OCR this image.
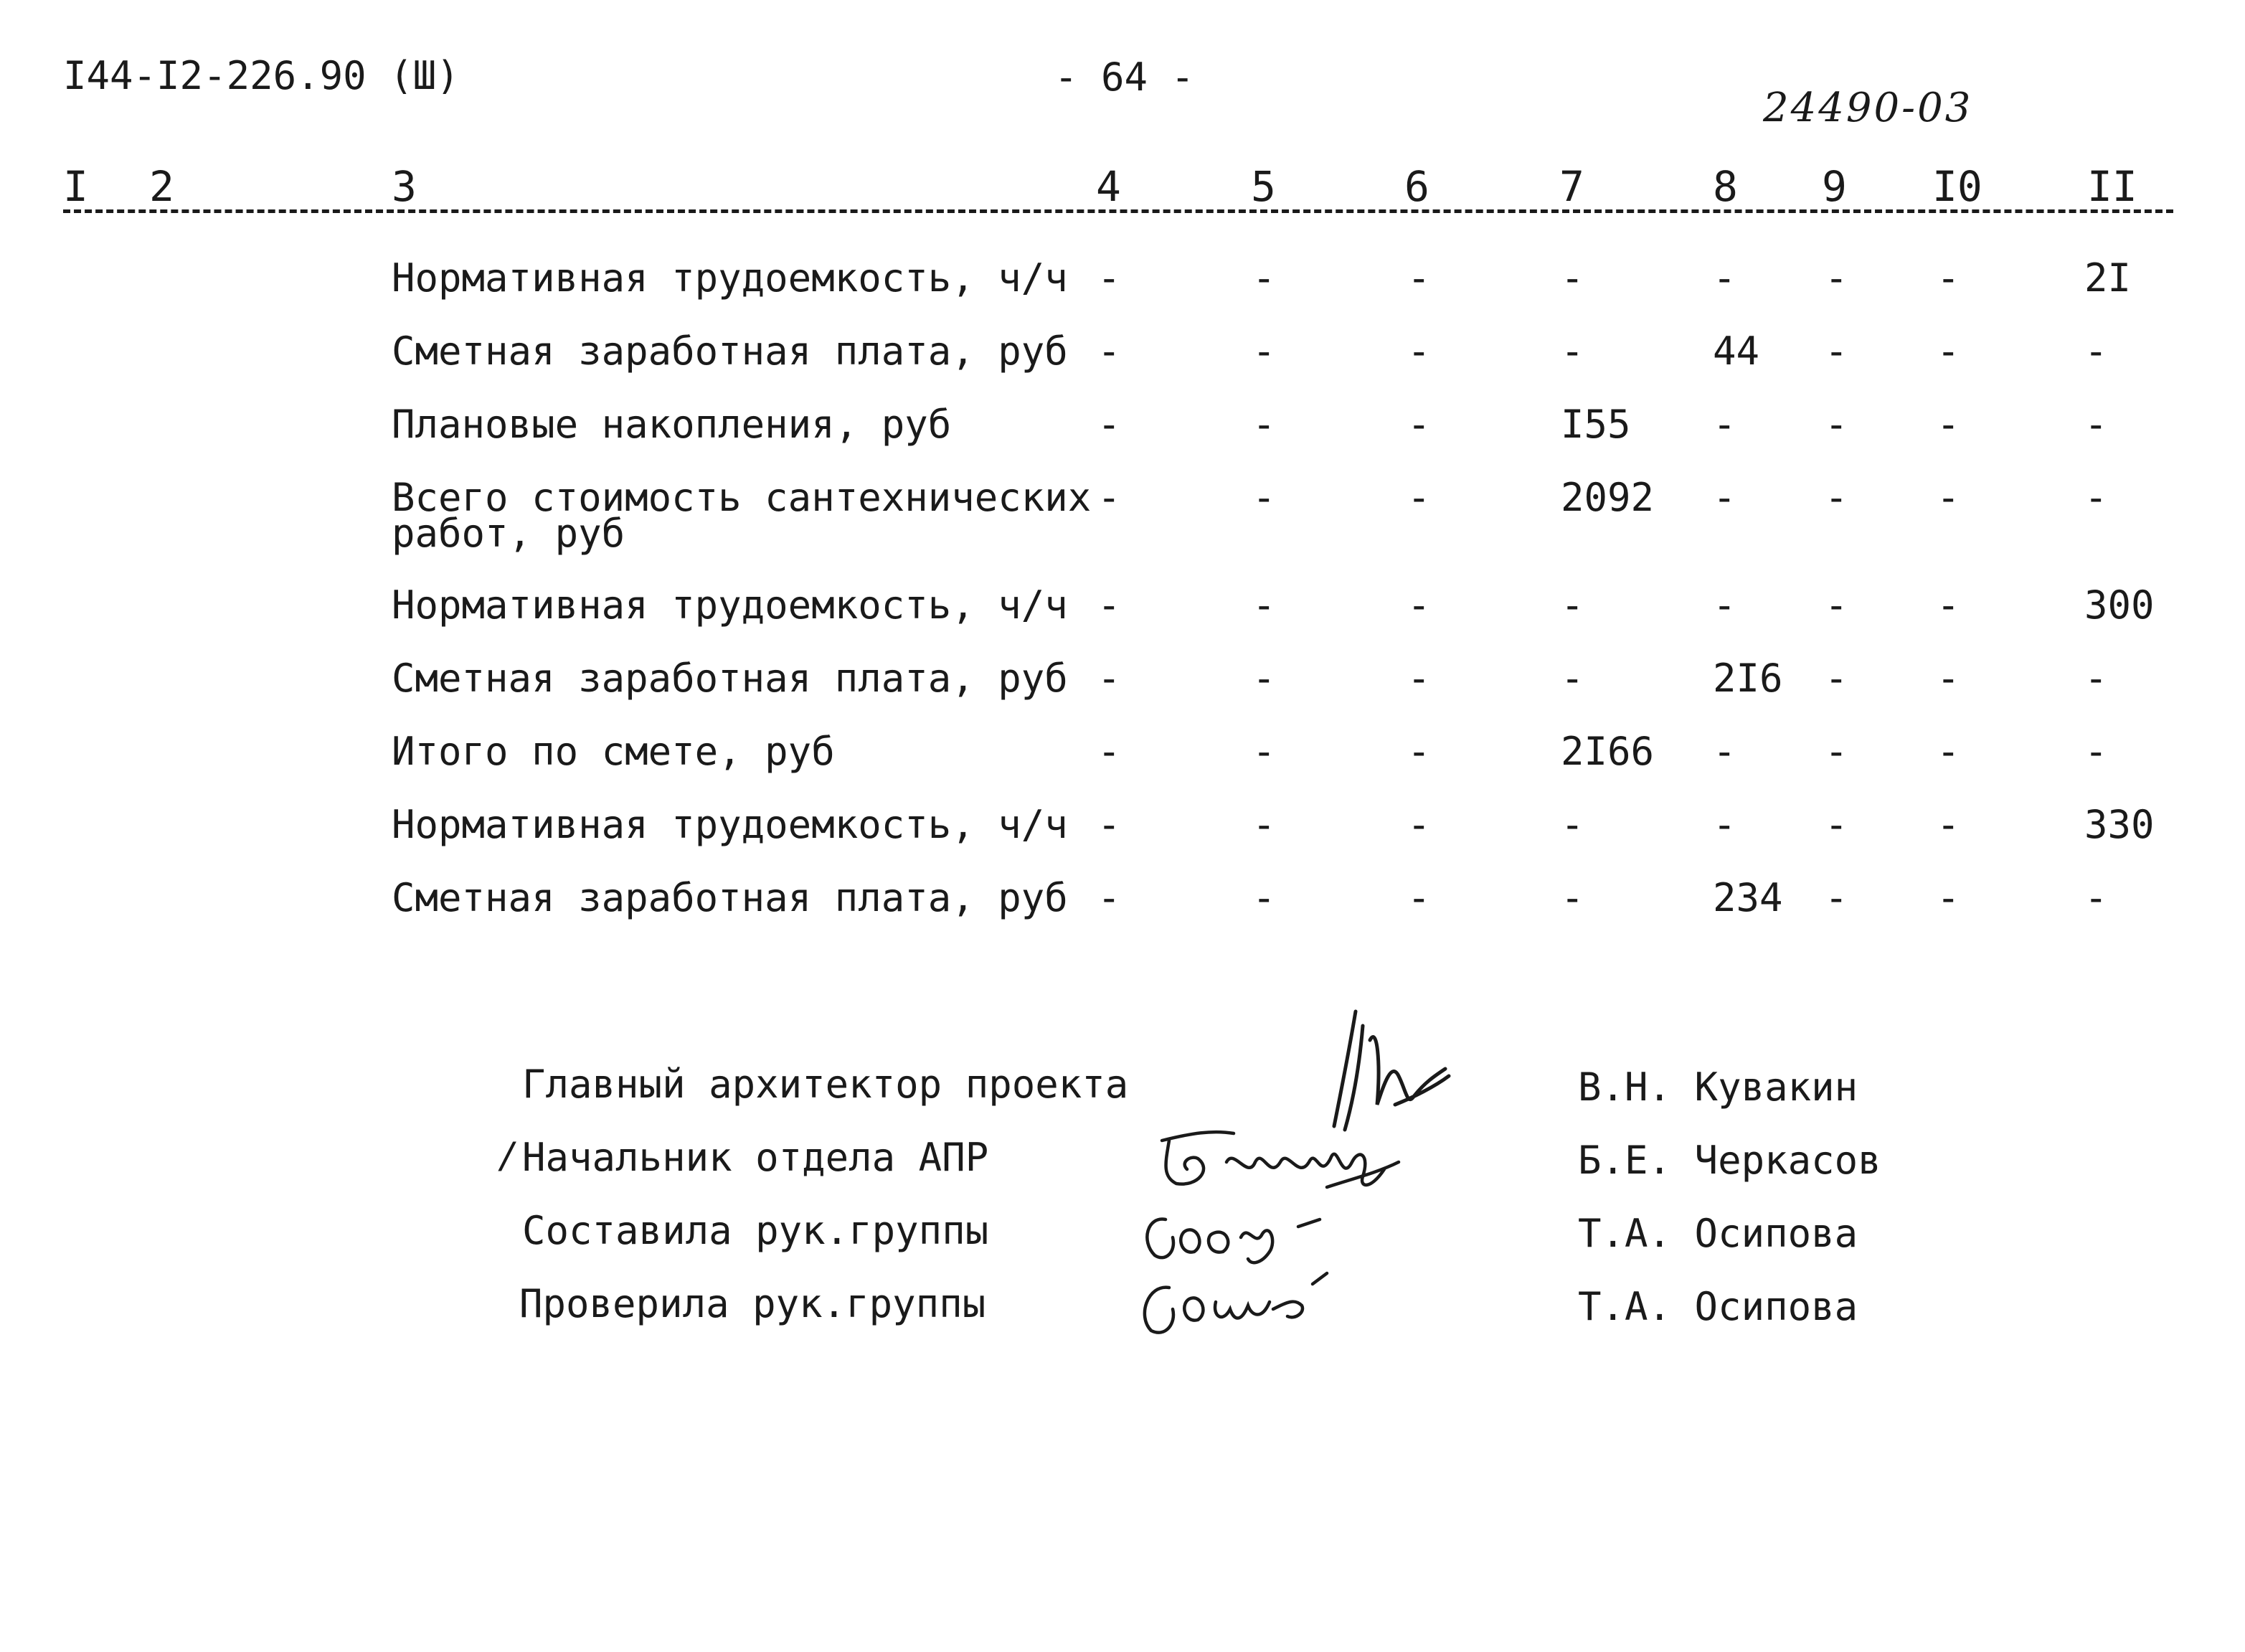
I44-I2-226.90 (Ш)	- 64 -
24490-03
I 2	3	4	5	6	7	8 9 I0	II
Нормативная трудоемкость, ч/ч -	-	-	-	- - -	2I
Сметная заработная плата, руб -	-	-	-	44 - -	-
Плановые накопления, руб	-	-	-	I55 - - -	-
Всего стоимость сантехнических
работ, руб
-	-	-	2092 - - -	-
Нормативная трудоемкость, ч/ч -	-	-	-	- - -	300
Сметная заработная плата, руб -	-	-	-	2I6 - -	-
Итого по смете, руб	-	-	-	2I66 - - -	-
Нормативная трудоемкость, ч/ч -	-	-	-	- - -	330
Сметная заработная плата, руб -	-	-	-	234 - -	-
Главный архитектор проекта	В.Н. Кувакин
/ Начальник отдела АПР	Б.Е. Черкасов
Составила рук.группы	Т.А. Осипова
Проверила рук.группы	Т.А. Осипова
